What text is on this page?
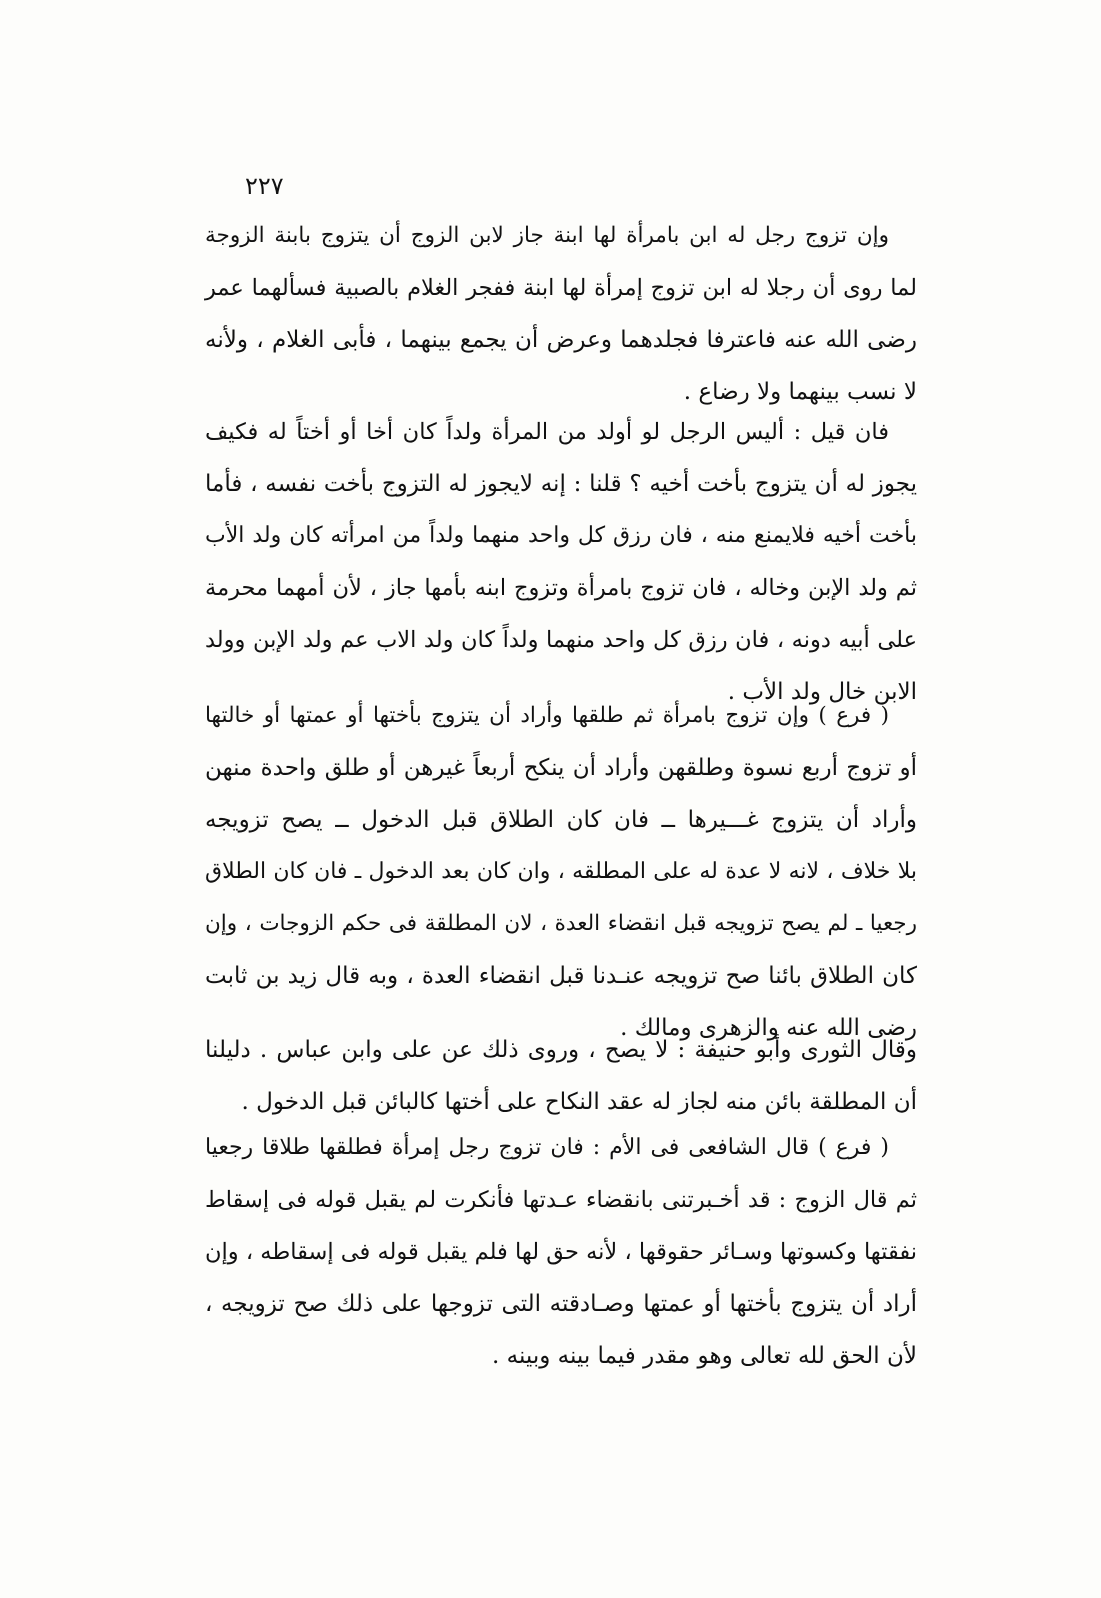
٢٢٧
وإن تزوج رجل له ابن بامرأة لها ابنة جاز لابن الزوج أن يتزوج بابنة الزوجة
لما روى أن رجلا له ابن تزوج إمرأة لها ابنة ففجر الغلام بالصبية فسألهما عمر
رضى الله عنه فاعترفا فجلدهما وعرض أن يجمع بينهما ، فأبى الغلام ، ولأنه
لا نسب بينهما ولا رضاع .
فان قيل : أليس الرجل لو أولد من المرأة ولداً كان أخا أو أختاً له فكيف
يجوز له أن يتزوج بأخت أخيه ؟ قلنا : إنه لايجوز له التزوج بأخت نفسه ، فأما
بأخت أخيه فلايمنع منه ، فان رزق كل واحد منهما ولداً من امرأته كان ولد الأب
ثم ولد الإبن وخاله ، فان تزوج بامرأة وتزوج ابنه بأمها جاز ، لأن أمهما محرمة
على أبيه دونه ، فان رزق كل واحد منهما ولداً كان ولد الاب عم ولد الإبن وولد
الابن خال ولد الأب .
( فرع ) وإن تزوج بامرأة ثم طلقها وأراد أن يتزوج بأختها أو عمتها أو خالتها
أو تزوج أربع نسوة وطلقهن وأراد أن ينكح أربعاً غيرهن أو طلق واحدة منهن
وأراد أن يتزوج غـــيرها ــ فان كان الطلاق قبل الدخول ــ يصح تزويجه
بلا خلاف ، لانه لا عدة له على المطلقه ، وان كان بعد الدخول ـ فان كان الطلاق
رجعيا ـ لم يصح تزويجه قبل انقضاء العدة ، لان المطلقة فى حكم الزوجات ، وإن
كان الطلاق بائنا صح تزويجه عنـدنا قبل انقضاء العدة ، وبه قال زيد بن ثابت
رضى الله عنه والزهرى ومالك .
وقال الثورى وأبو حنيفة : لا يصح ، وروى ذلك عن على وابن عباس . دليلنا
أن المطلقة بائن منه لجاز له عقد النكاح على أختها كالبائن قبل الدخول .
( فرع ) قال الشافعى فى الأم : فان تزوج رجل إمرأة فطلقها طلاقا رجعيا
ثم قال الزوج : قد أخـبرتنى بانقضاء عـدتها فأنكرت لم يقبل قوله فى إسقاط
نفقتها وكسوتها وسـائر حقوقها ، لأنه حق لها فلم يقبل قوله فى إسقاطه ، وإن
أراد أن يتزوج بأختها أو عمتها وصـادقته التى تزوجها على ذلك صح تزويجه ،
لأن الحق لله تعالى وهو مقدر فيما بينه وبينه .
